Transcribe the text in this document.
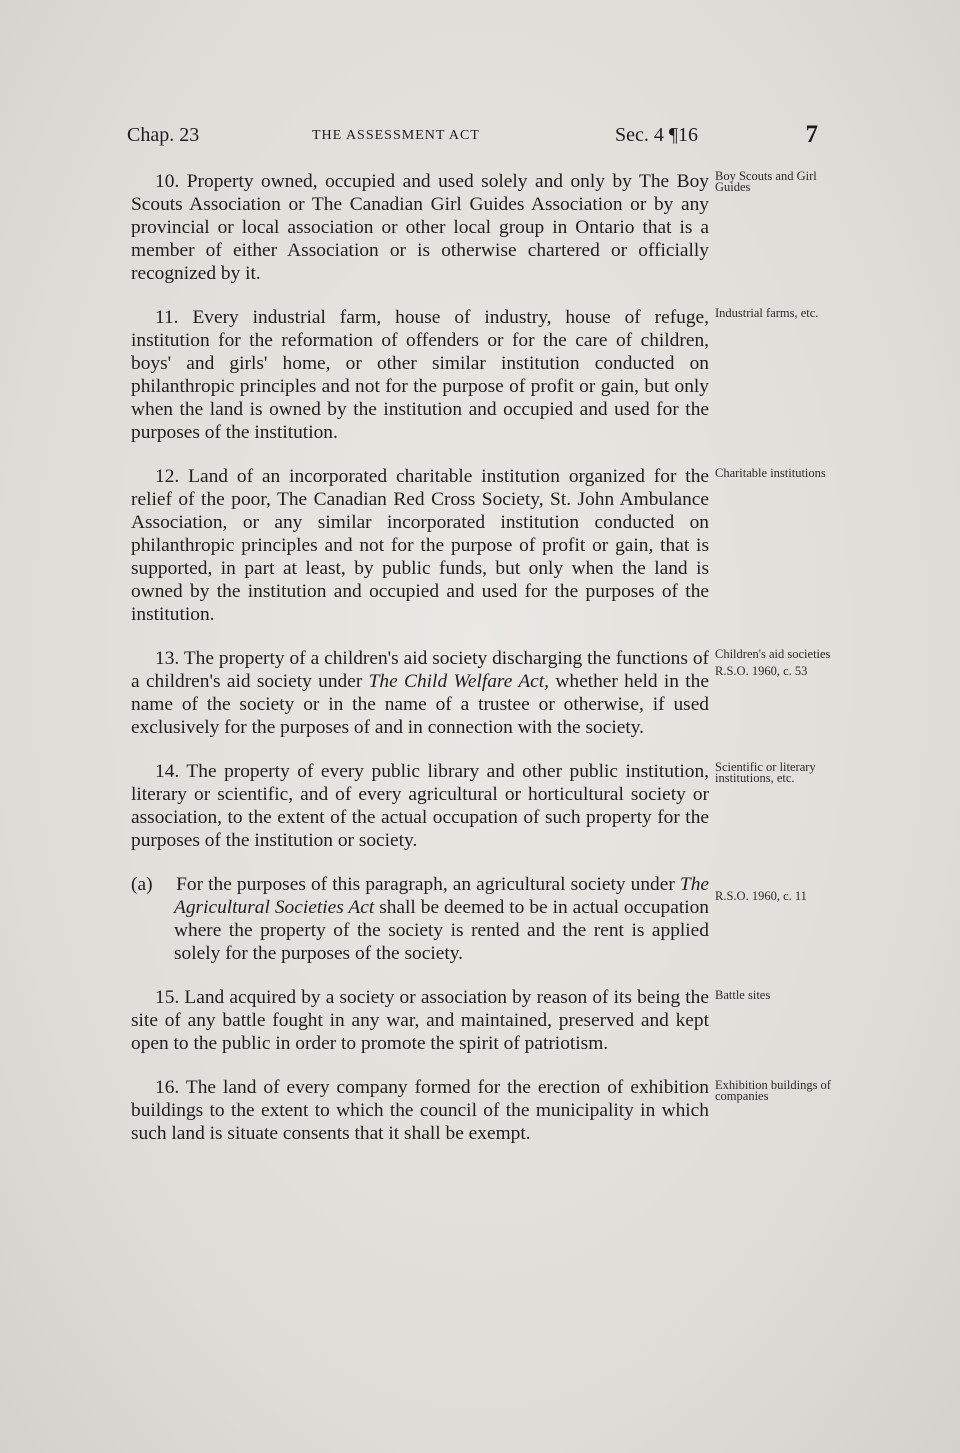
Chap. 23	THE ASSESSMENT ACT	Sec. 4 ¶16	7

10. Property owned, occupied and used solely and only by The Boy Scouts Association or The Canadian Girl Guides Association or by any provincial or local association or other local group in Ontario that is a member of either Association or is otherwise chartered or officially recognized by it.
Boy Scouts and Girl Guides

11. Every industrial farm, house of industry, house of refuge, institution for the reformation of offenders or for the care of children, boys' and girls' home, or other similar institution conducted on philanthropic principles and not for the purpose of profit or gain, but only when the land is owned by the institution and occupied and used for the purposes of the institution.
Industrial farms, etc.

12. Land of an incorporated charitable institution organized for the relief of the poor, The Canadian Red Cross Society, St. John Ambulance Association, or any similar incorporated institution conducted on philanthropic principles and not for the purpose of profit or gain, that is supported, in part at least, by public funds, but only when the land is owned by the institution and occupied and used for the purposes of the institution.
Charitable institutions

13. The property of a children's aid society discharging the functions of a children's aid society under The Child Welfare Act, whether held in the name of the society or in the name of a trustee or otherwise, if used exclusively for the purposes of and in connection with the society.
Children's aid societies
R.S.O. 1960, c. 53

14. The property of every public library and other public institution, literary or scientific, and of every agricultural or horticultural society or association, to the extent of the actual occupation of such property for the purposes of the institution or society.
Scientific or literary institutions, etc.

(a) For the purposes of this paragraph, an agricultural society under The Agricultural Societies Act shall be deemed to be in actual occupation where the property of the society is rented and the rent is applied solely for the purposes of the society.
R.S.O. 1960, c. 11

15. Land acquired by a society or association by reason of its being the site of any battle fought in any war, and maintained, preserved and kept open to the public in order to promote the spirit of patriotism.
Battle sites

16. The land of every company formed for the erection of exhibition buildings to the extent to which the council of the municipality in which such land is situate consents that it shall be exempt.
Exhibition buildings of companies
